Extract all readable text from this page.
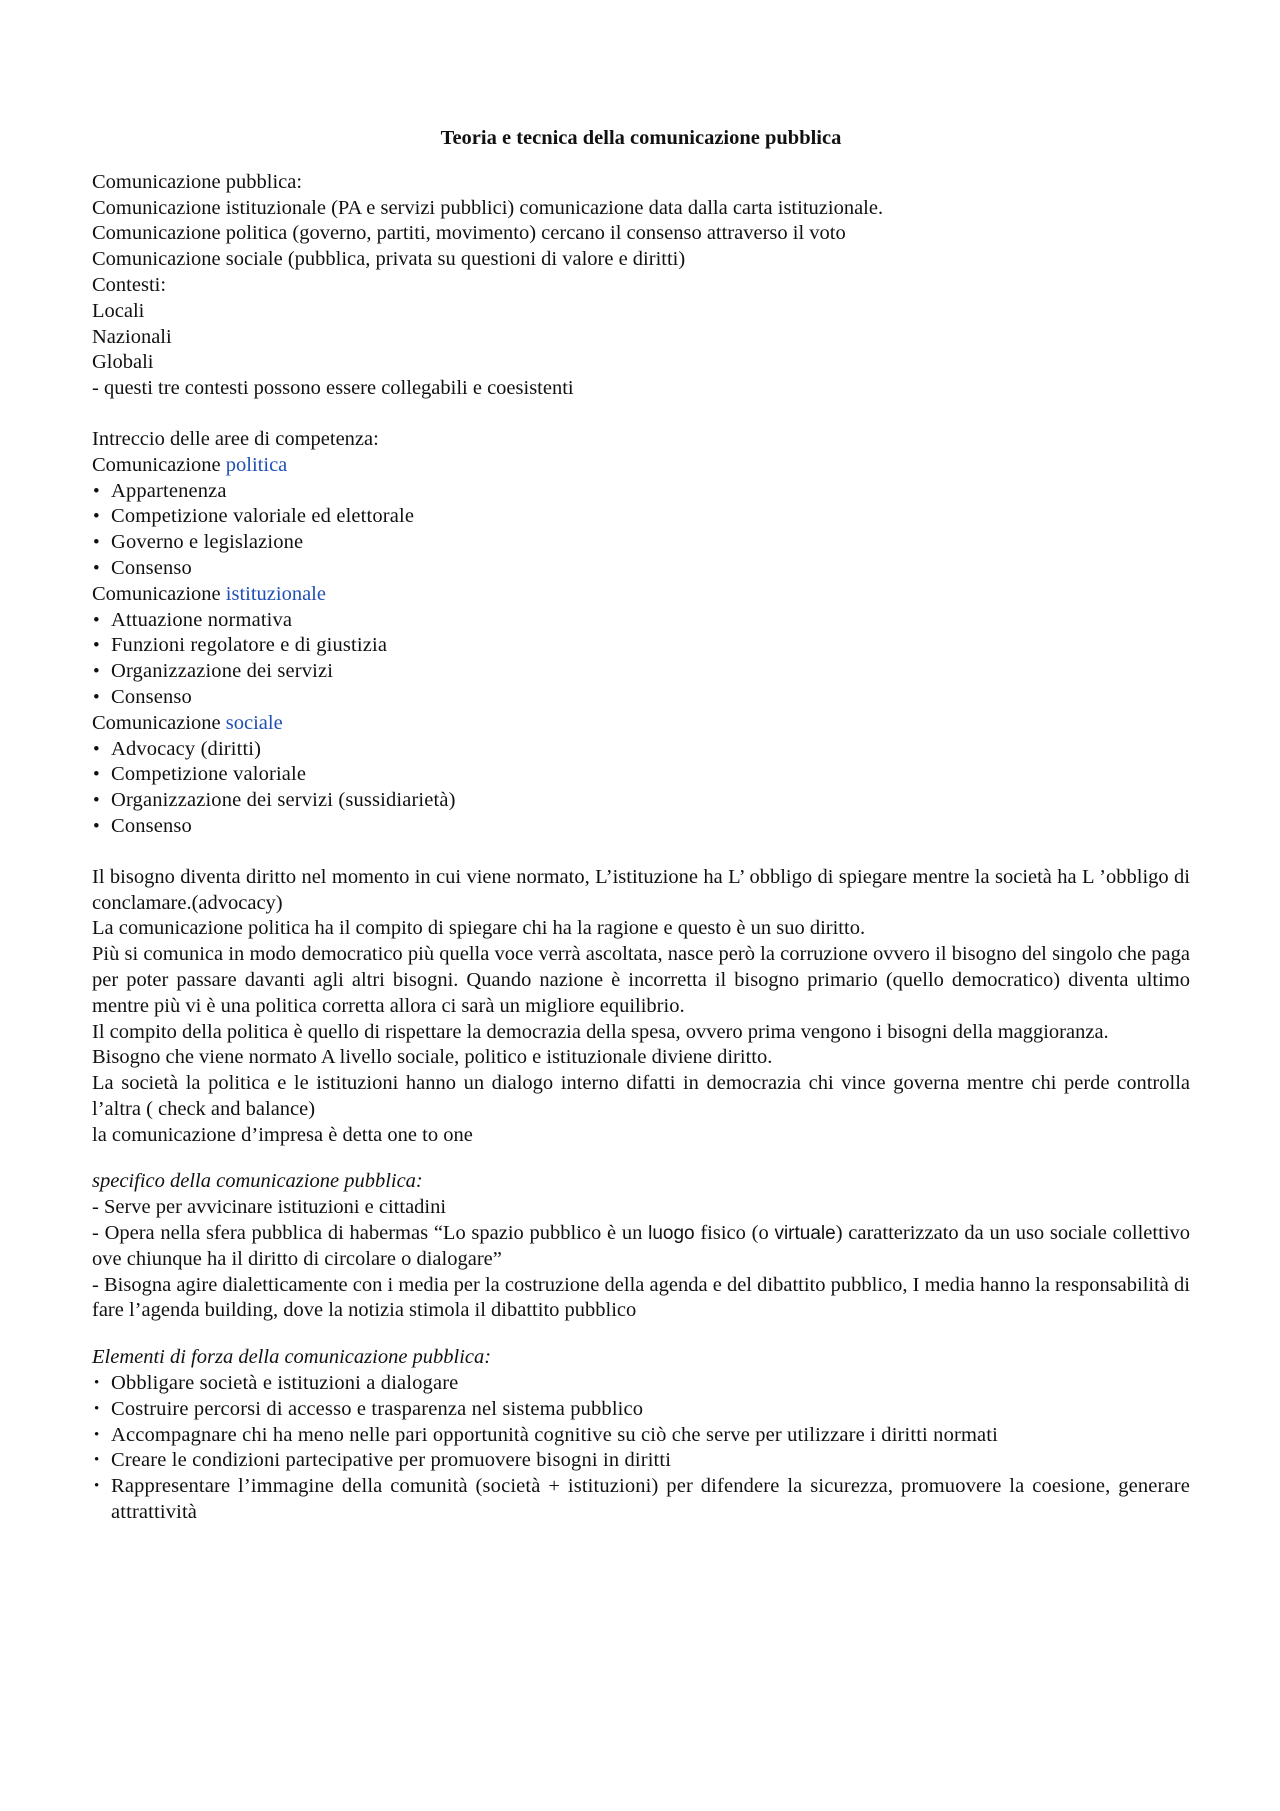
Teoria e tecnica della comunicazione pubblica
Comunicazione pubblica:
Comunicazione istituzionale (PA e servizi pubblici) comunicazione data dalla carta istituzionale.
Comunicazione politica (governo, partiti, movimento) cercano il consenso attraverso il voto
Comunicazione sociale (pubblica, privata su questioni di valore e diritti)
Contesti:
Locali
Nazionali
Globali
- questi tre contesti possono essere collegabili e coesistenti
Intreccio delle aree di competenza:
Comunicazione politica
• Appartenenza
• Competizione valoriale ed elettorale
• Governo e legislazione
• Consenso
Comunicazione istituzionale
• Attuazione normativa
• Funzioni regolatore e di giustizia
• Organizzazione dei servizi
• Consenso
Comunicazione sociale
• Advocacy (diritti)
• Competizione valoriale
• Organizzazione dei servizi (sussidiarietà)
• Consenso
Il bisogno diventa diritto nel momento in cui viene normato, L’istituzione ha L’ obbligo di spiegare mentre la società ha L ’obbligo di conclamare.(advocacy)
La comunicazione politica ha il compito di spiegare chi ha la ragione e questo è un suo diritto.
Più si comunica in modo democratico più quella voce verrà ascoltata, nasce però la corruzione ovvero il bisogno del singolo che paga per poter passare davanti agli altri bisogni. Quando nazione è incorretta il bisogno primario (quello democratico) diventa ultimo mentre più vi è una politica corretta allora ci sarà un migliore equilibrio.
Il compito della politica è quello di rispettare la democrazia della spesa, ovvero prima vengono i bisogni della maggioranza.
Bisogno che viene normato A livello sociale, politico e istituzionale diviene diritto.
La società la politica e le istituzioni hanno un dialogo interno difatti in democrazia chi vince governa mentre chi perde controlla l’altra ( check and balance)
la comunicazione d’impresa è detta one to one
specifico della comunicazione pubblica:
- Serve per avvicinare istituzioni e cittadini
- Opera nella sfera pubblica di habermas “Lo spazio pubblico è un luogo fisico (o virtuale) caratterizzato da un uso sociale collettivo ove chiunque ha il diritto di circolare o dialogare”
- Bisogna agire dialetticamente con i media per la costruzione della agenda e del dibattito pubblico, I media hanno la responsabilità di fare l’agenda building, dove la notizia stimola il dibattito pubblico
Elementi di forza della comunicazione pubblica:
• Obbligare società e istituzioni a dialogare
• Costruire percorsi di accesso e trasparenza nel sistema pubblico
• Accompagnare chi ha meno nelle pari opportunità cognitive su ciò che serve per utilizzare i diritti normati
• Creare le condizioni partecipative per promuovere bisogni in diritti
• Rappresentare l’immagine della comunità (società + istituzioni) per difendere la sicurezza, promuovere la coesione, generare attrattività
